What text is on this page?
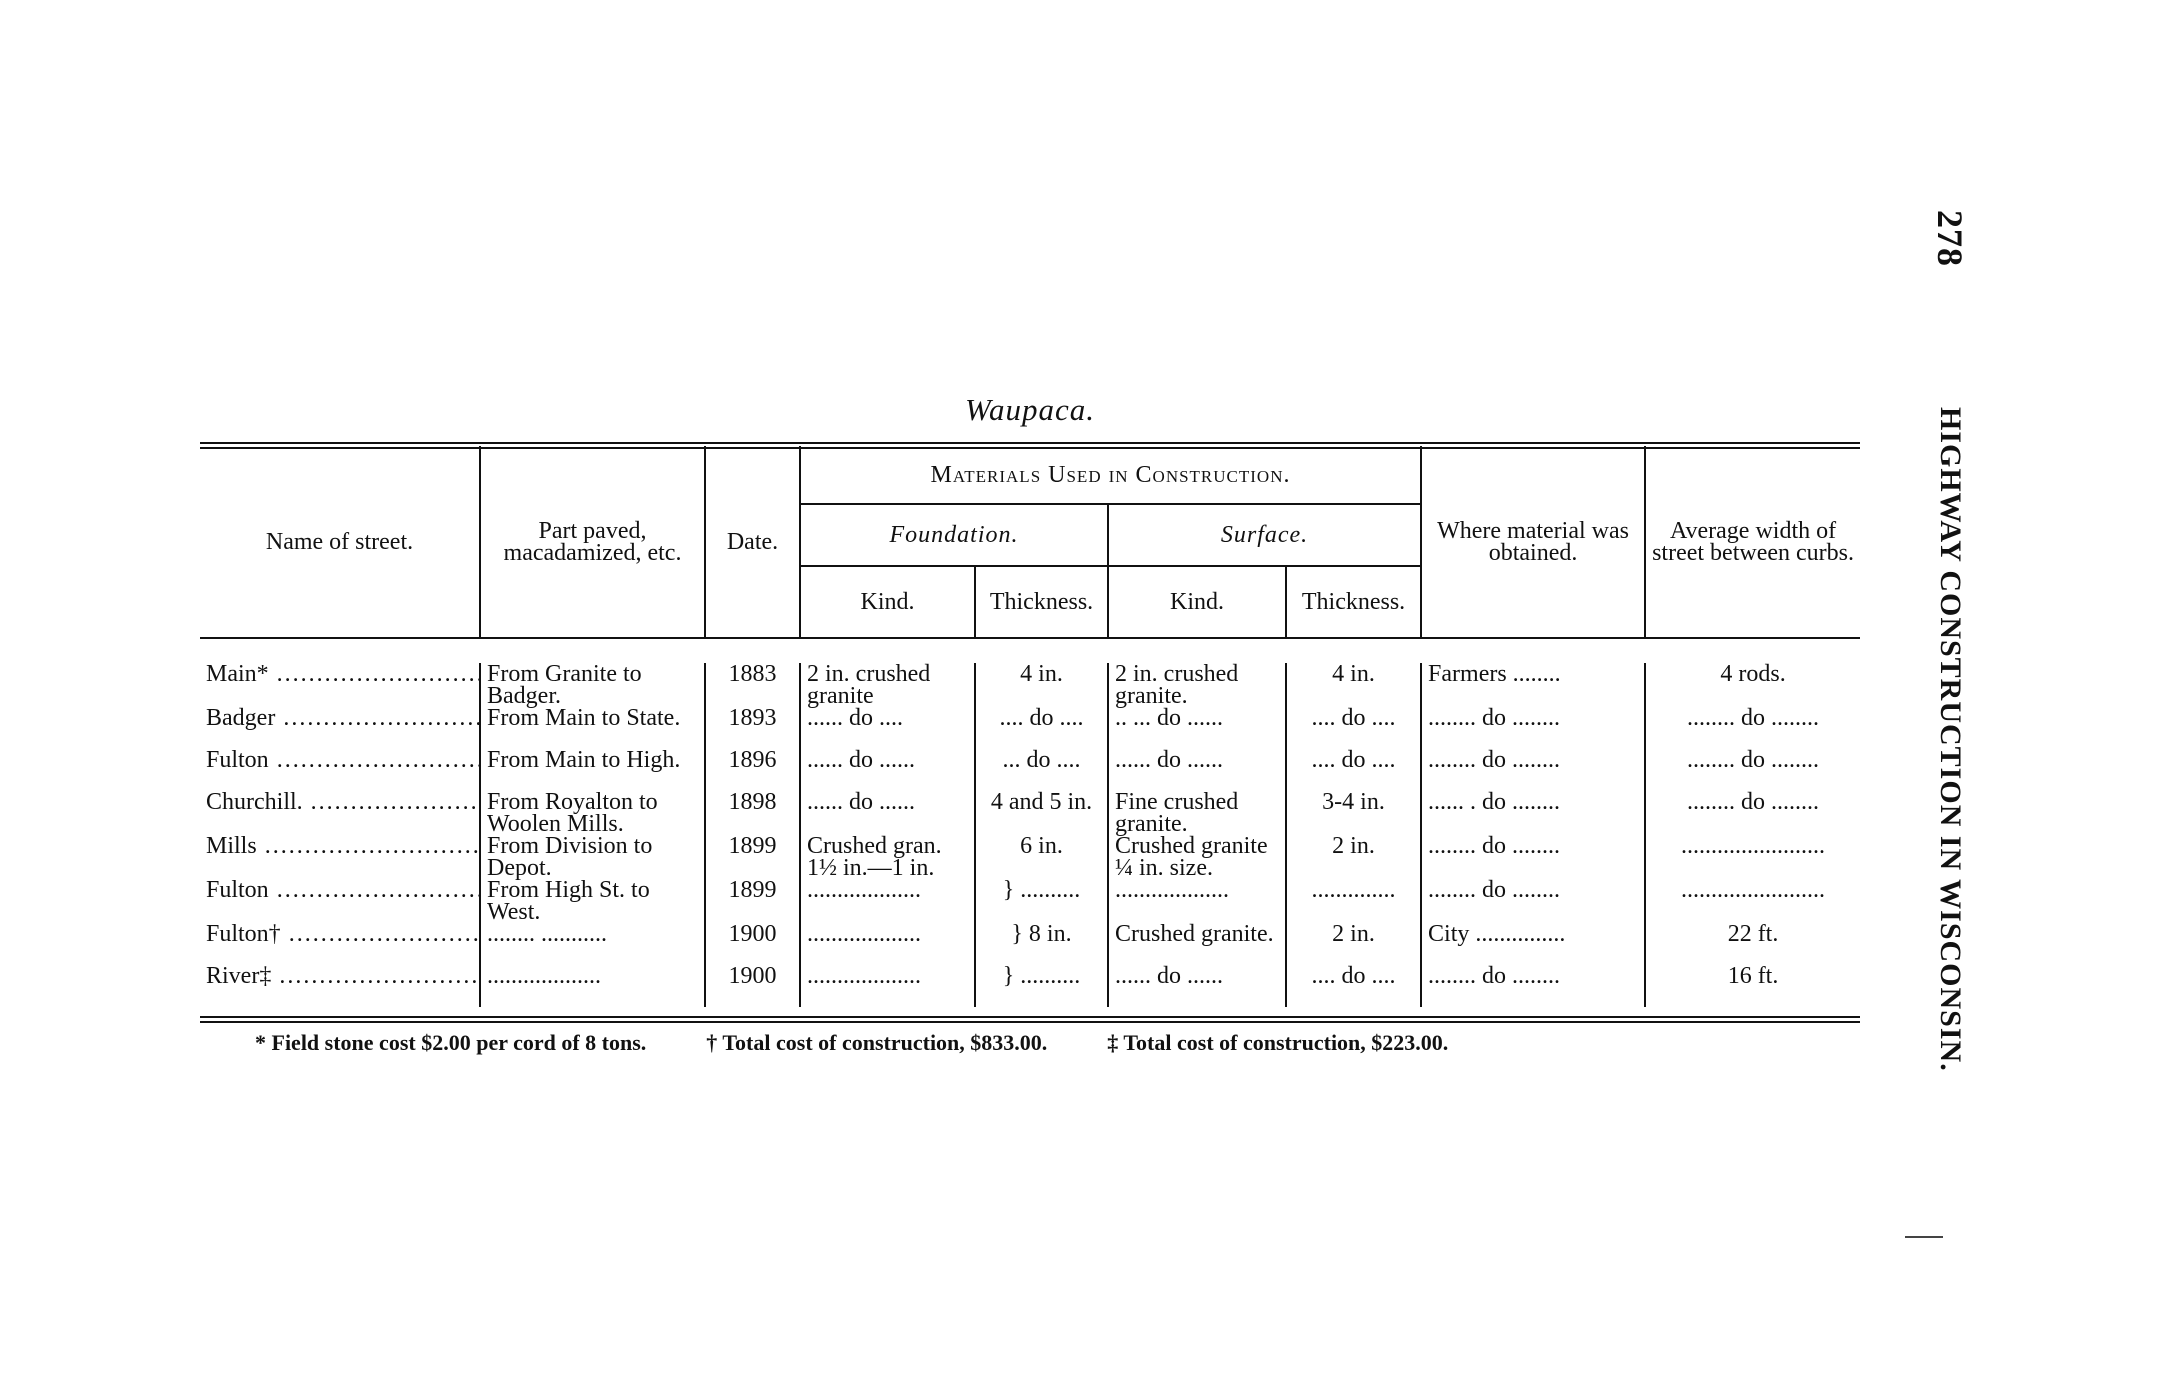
278
HIGHWAY CONSTRUCTION IN WISCONSIN.
Waupaca.
Name of street.	Part paved, macadamized, etc.	Date.	Materials Used in Construction.				Where material was obtained.	Average width of street between curbs.
			Foundation.		Surface.			
			Kind.	Thickness.	Kind.	Thickness.		

Main* .....	From Granite to Badger.	1883	2 in. crushed granite	4 in.	2 in. crushed granite.	4 in.	Farmers ........	4 rods.
Badger .....	From Main to State.	1893	...... do ....	.... do ....	.. ... do ......	.... do ....	........ do ........	........ do ........
Fulton .....	From Main to High.	1896	...... do ......	... do ....	...... do ......	.... do ....	........ do ........	........ do ........
Churchill. .....	From Royalton to Woolen Mills.	1898	...... do ......	4 and 5 in.	Fine crushed granite.	3-4 in.	...... . do ........	........ do ........
Mills .....	From Division to Depot.	1899	Crushed gran. 1½ in.—1 in.	6 in.	Crushed granite ¼ in. size.	2 in.	........ do ........	........................
Fulton .....	From High St. to West.	1899	...................	} ..........	...................	..............	........ do ........	........................
Fulton† .....	........ ...........	1900	...................	} 8 in.	Crushed granite.	2 in.	City ...............	22 ft.
River‡ .....	...................	1900	...................	} ..........	...... do ......	.... do ....	........ do ........	16 ft.
* Field stone cost $2.00 per cord of 8 tons.	† Total cost of construction, $833.00.	‡ Total cost of construction, $223.00.
